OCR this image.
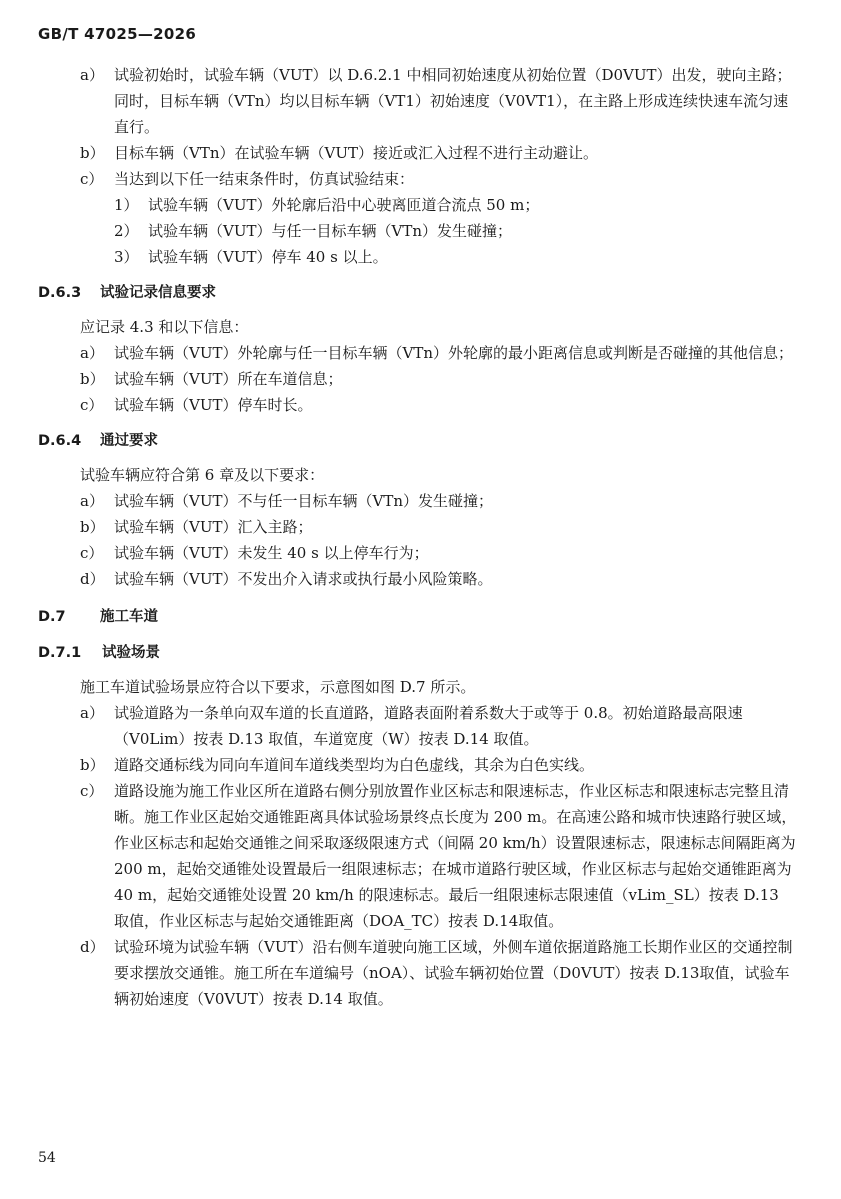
GB/T 47025—2026

a） 试验初始时，试验车辆（VUT）以 D.6.2.1 中相同初始速度从初始位置（D0VUT）出发，驶向主路；同时，目标车辆（VTn）均以目标车辆（VT1）初始速度（V0VT1），在主路上形成连续快速车流匀速直行。

b） 目标车辆（VTn）在试验车辆（VUT）接近或汇入过程不进行主动避让。

c） 当达到以下任一结束条件时，仿真试验结束：

1） 试验车辆（VUT）外轮廓后沿中心驶离匝道合流点 50 m；

2） 试验车辆（VUT）与任一目标车辆（VTn）发生碰撞；

3） 试验车辆（VUT）停车 40 s 以上。

D.6.3	试验记录信息要求

应记录 4.3 和以下信息：

a） 试验车辆（VUT）外轮廓与任一目标车辆（VTn）外轮廓的最小距离信息或判断是否碰撞的其他信息；

b） 试验车辆（VUT）所在车道信息；

c） 试验车辆（VUT）停车时长。

D.6.4	通过要求

试验车辆应符合第 6 章及以下要求：

a） 试验车辆（VUT）不与任一目标车辆（VTn）发生碰撞；

b） 试验车辆（VUT）汇入主路；

c） 试验车辆（VUT）未发生 40 s 以上停车行为；

d） 试验车辆（VUT）不发出介入请求或执行最小风险策略。

D.7	施工车道

D.7.1	试验场景

施工车道试验场景应符合以下要求，示意图如图 D.7 所示。

a） 试验道路为一条单向双车道的长直道路，道路表面附着系数大于或等于 0.8。初始道路最高限速（V0Lim）按表 D.13 取值，车道宽度（W）按表 D.14 取值。

b） 道路交通标线为同向车道间车道线类型均为白色虚线，其余为白色实线。

c） 道路设施为施工作业区所在道路右侧分别放置作业区标志和限速标志，作业区标志和限速标志完整且清晰。施工作业区起始交通锥距离具体试验场景终点长度为 200 m。在高速公路和城市快速路行驶区域，作业区标志和起始交通锥之间采取逐级限速方式（间隔 20 km/h）设置限速标志，限速标志间隔距离为 200 m，起始交通锥处设置最后一组限速标志；在城市道路行驶区域，作业区标志与起始交通锥距离为 40 m，起始交通锥处设置 20 km/h 的限速标志。最后一组限速标志限速值（vLim_SL）按表 D.13 取值，作业区标志与起始交通锥距离（DOA_TC）按表 D.14取值。

d） 试验环境为试验车辆（VUT）沿右侧车道驶向施工区域，外侧车道依据道路施工长期作业区的交通控制要求摆放交通锥。施工所在车道编号（nOA）、试验车辆初始位置（D0VUT）按表 D.13取值，试验车辆初始速度（V0VUT）按表 D.14 取值。

54
